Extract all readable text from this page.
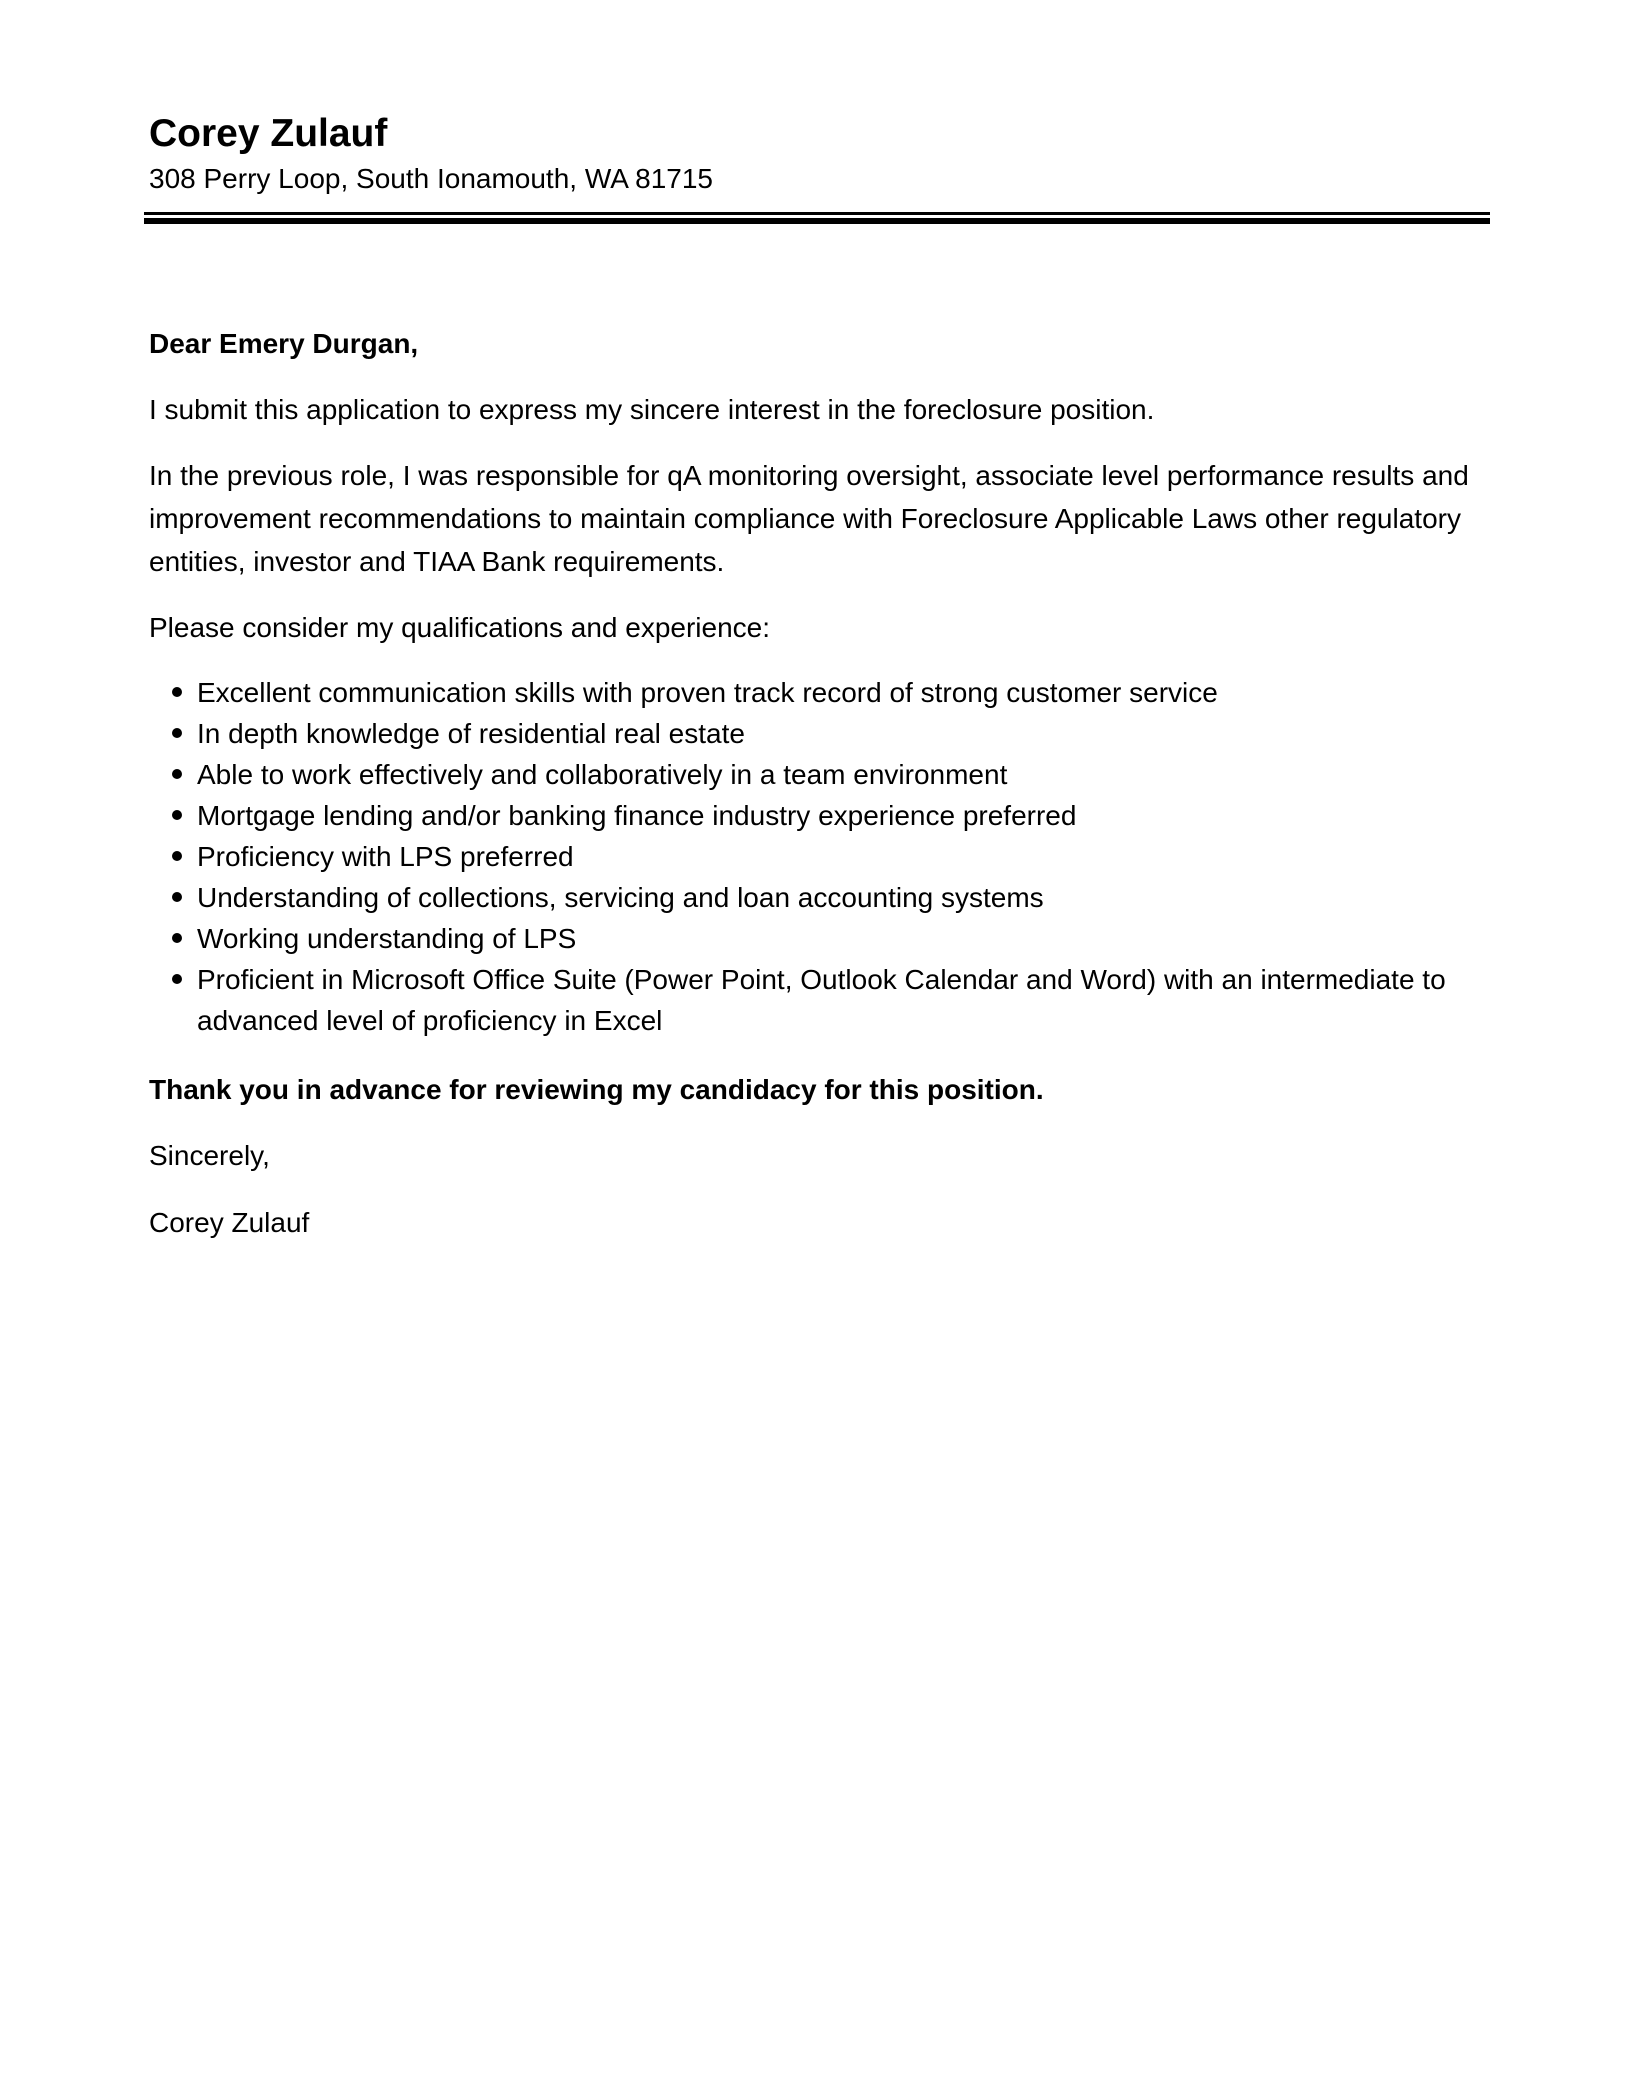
Corey Zulauf

308 Perry Loop, South Ionamouth, WA 81715

Dear Emery Durgan,

I submit this application to express my sincere interest in the foreclosure position.

In the previous role, I was responsible for qA monitoring oversight, associate level performance results and improvement recommendations to maintain compliance with Foreclosure Applicable Laws other regulatory entities, investor and TIAA Bank requirements.

Please consider my qualifications and experience:

Excellent communication skills with proven track record of strong customer service
In depth knowledge of residential real estate
Able to work effectively and collaboratively in a team environment
Mortgage lending and/or banking finance industry experience preferred
Proficiency with LPS preferred
Understanding of collections, servicing and loan accounting systems
Working understanding of LPS
Proficient in Microsoft Office Suite (Power Point, Outlook Calendar and Word) with an intermediate to advanced level of proficiency in Excel

Thank you in advance for reviewing my candidacy for this position.

Sincerely,

Corey Zulauf
